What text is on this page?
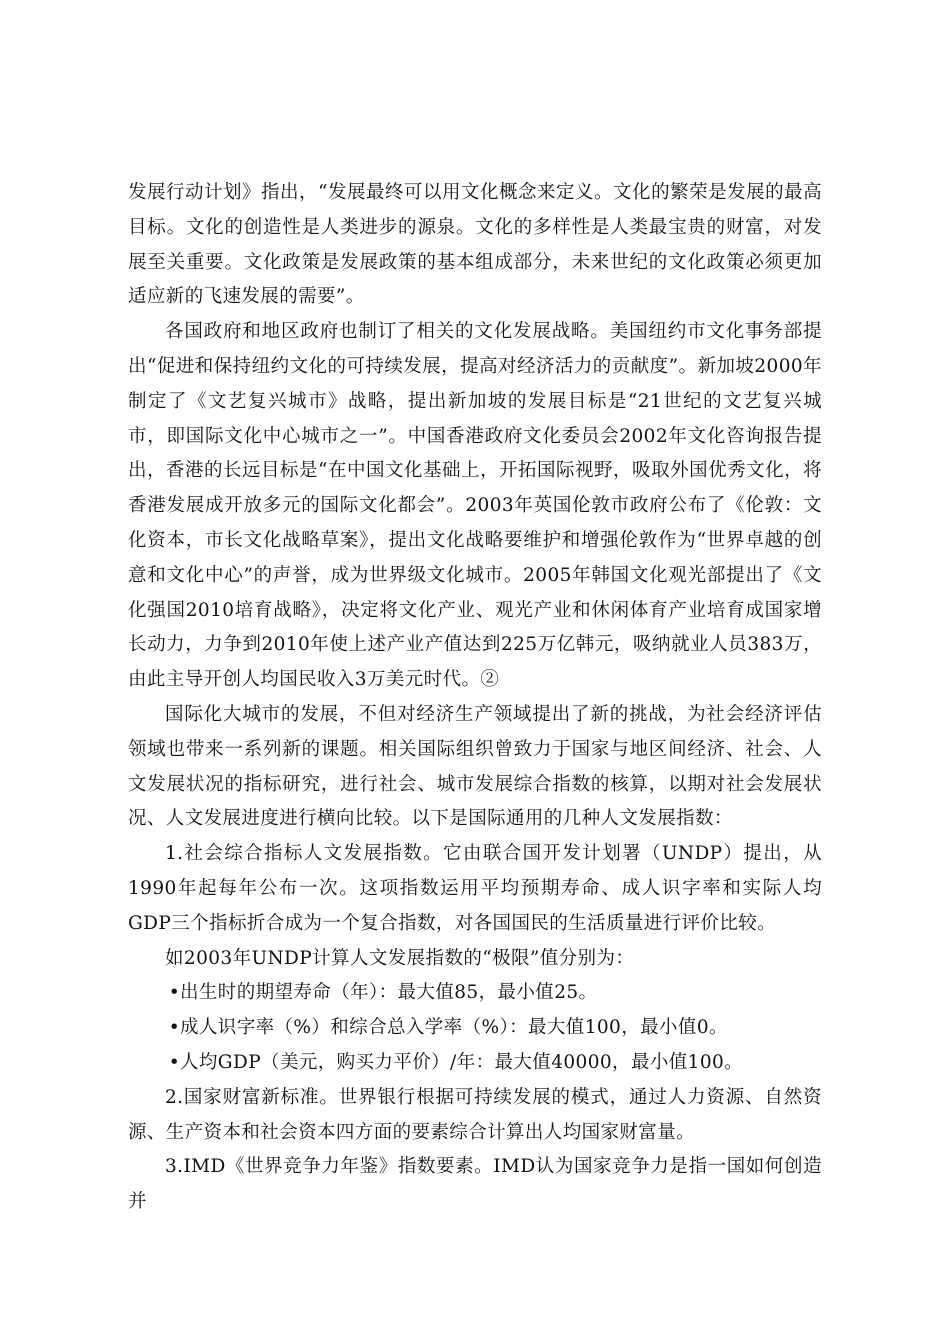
发展行动计划》指出，“发展最终可以用文化概念来定义。文化的繁荣是发展的最高目标。文化的创造性是人类进步的源泉。文化的多样性是人类最宝贵的财富，对发展至关重要。文化政策是发展政策的基本组成部分，未来世纪的文化政策必须更加适应新的飞速发展的需要”。

各国政府和地区政府也制订了相关的文化发展战略。美国纽约市文化事务部提出“促进和保持纽约文化的可持续发展，提高对经济活力的贡献度”。新加坡2000年制定了《文艺复兴城市》战略，提出新加坡的发展目标是“21世纪的文艺复兴城市，即国际文化中心城市之一”。中国香港政府文化委员会2002年文化咨询报告提出，香港的长远目标是“在中国文化基础上，开拓国际视野，吸取外国优秀文化，将香港发展成开放多元的国际文化都会”。2003年英国伦敦市政府公布了《伦敦：文化资本，市长文化战略草案》，提出文化战略要维护和增强伦敦作为“世界卓越的创意和文化中心”的声誉，成为世界级文化城市。2005年韩国文化观光部提出了《文化强国2010培育战略》，决定将文化产业、观光产业和休闲体育产业培育成国家增长动力，力争到2010年使上述产业产值达到225万亿韩元，吸纳就业人员383万，由此主导开创人均国民收入3万美元时代。②

国际化大城市的发展，不但对经济生产领域提出了新的挑战，为社会经济评估领域也带来一系列新的课题。相关国际组织曾致力于国家与地区间经济、社会、人文发展状况的指标研究，进行社会、城市发展综合指数的核算，以期对社会发展状况、人文发展进度进行横向比较。以下是国际通用的几种人文发展指数：

1.社会综合指标人文发展指数。它由联合国开发计划署（UNDP）提出，从1990年起每年公布一次。这项指数运用平均预期寿命、成人识字率和实际人均GDP三个指标折合成为一个复合指数，对各国国民的生活质量进行评价比较。

如2003年UNDP计算人文发展指数的“极限”值分别为：

•出生时的期望寿命（年）：最大值85，最小值25。

•成人识字率（%）和综合总入学率（%）：最大值100，最小值0。

•人均GDP（美元，购买力平价）/年：最大值40000，最小值100。

2.国家财富新标准。世界银行根据可持续发展的模式，通过人力资源、自然资源、生产资本和社会资本四方面的要素综合计算出人均国家财富量。

3.IMD《世界竞争力年鉴》指数要素。IMD认为国家竞争力是指一国如何创造并
